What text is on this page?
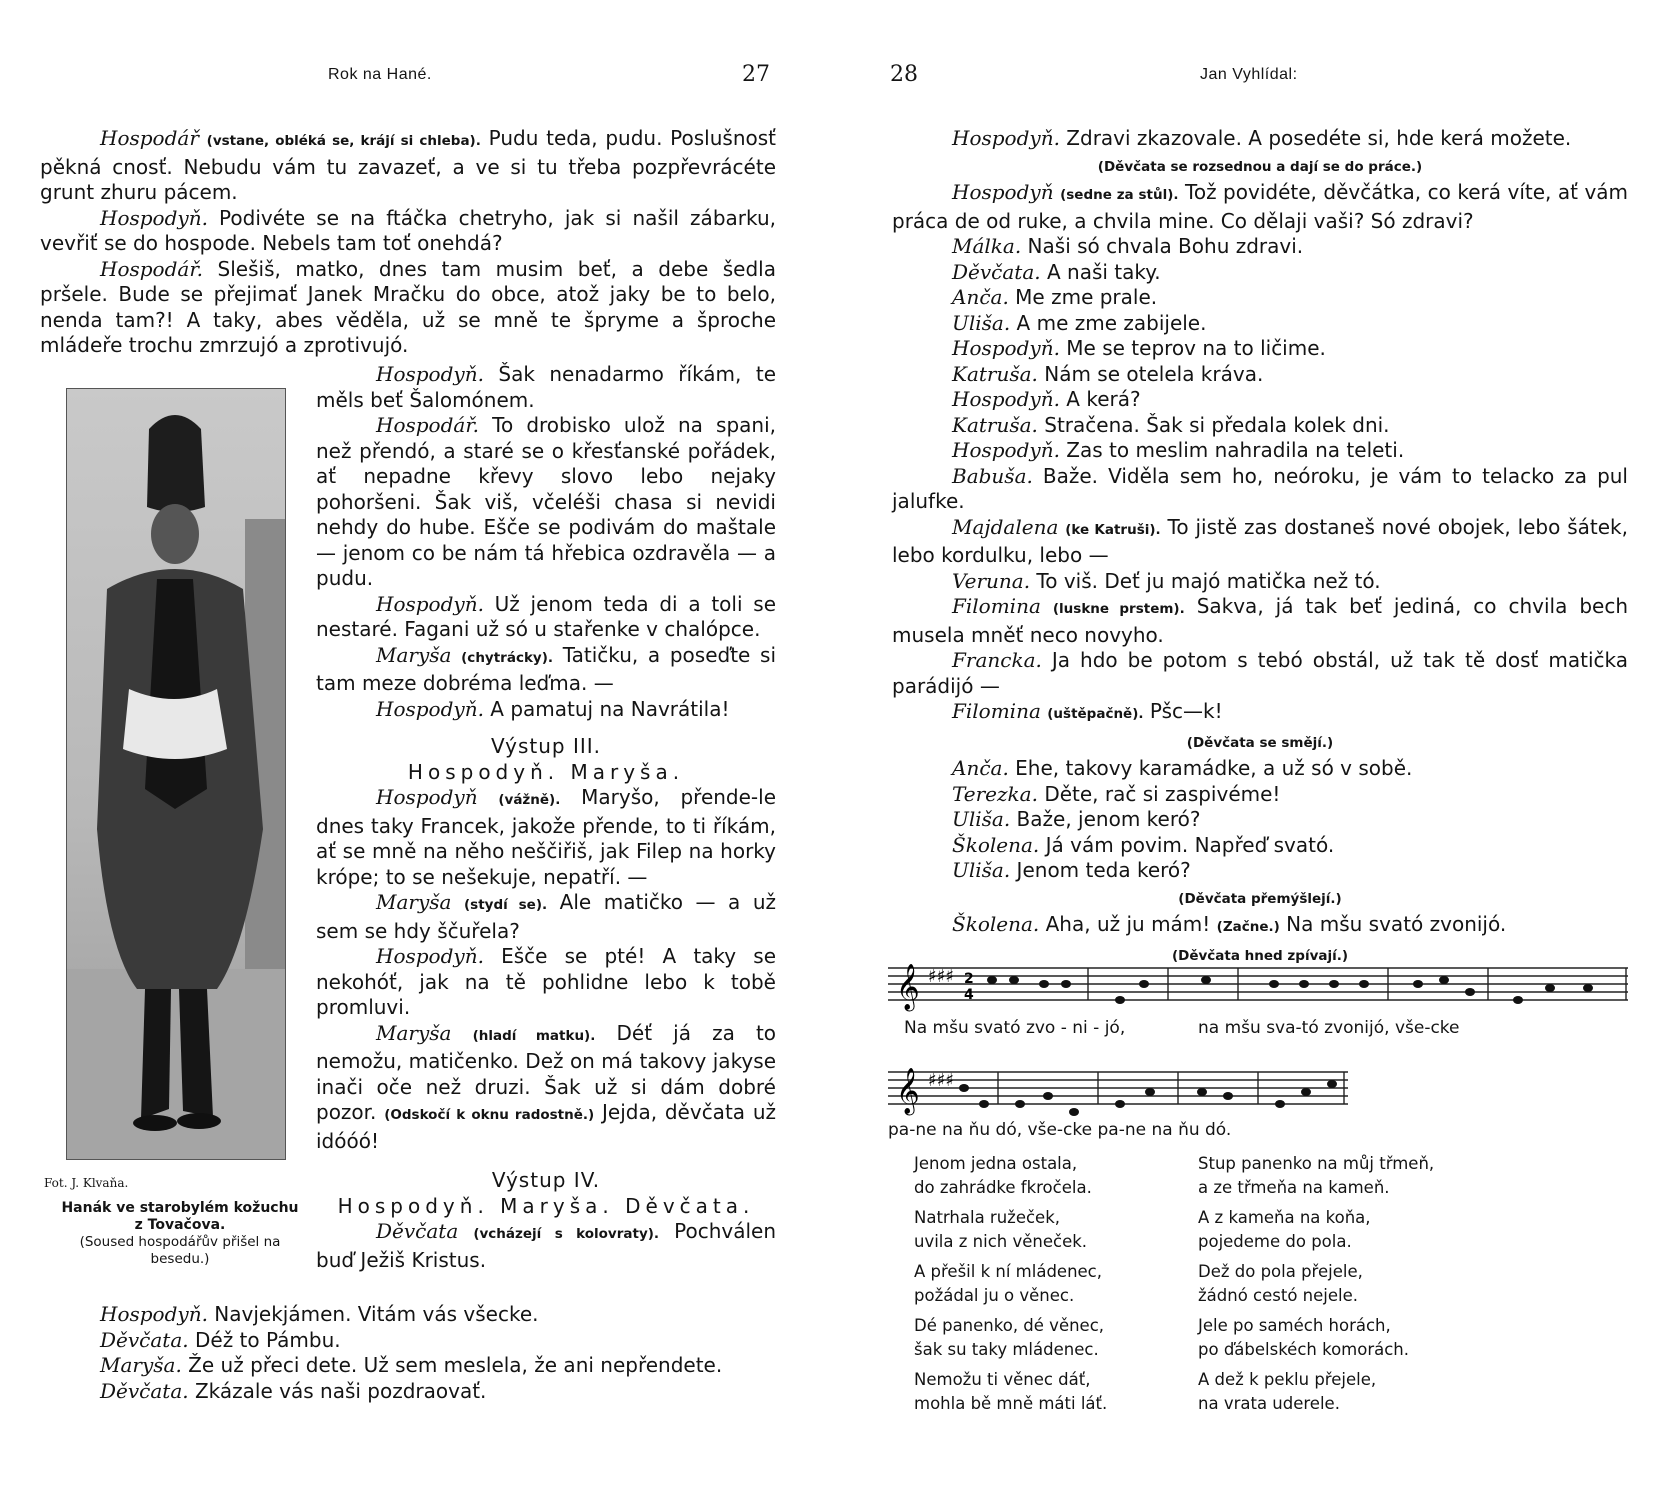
Rok na Hané.	27

Hospodář (vstane, obléká se, krájí si chleba). Pudu teda, pudu. Poslušnosť pěkná cnosť. Nebudu vám tu zavazeť, a ve si tu třeba pozpřevrácéte grunt zhuru pácem.

Hospodyň. Podivéte se na ftáčka chetryho, jak si našil zábarku, vevřiť se do hospode. Nebels tam toť onehdá?

Hospodář. Slešiš, matko, dnes tam musim beť, a debe šedla pršele. Bude se přejimať Janek Mračku do obce, atož jaky be to belo, nenda tam?! A taky, abes věděla, už se mně te špryme a šproche mládeře trochu zmrzujó a zprotivujó.

Fot. J. Klvaňa.
Hanák ve starobylém kožuchu z Tovačova.
(Soused hospodářův přišel na besedu.)

Hospodyň. Šak nenadarmo říkám, te měls beť Šalomónem.

Hospodář. To drobisko ulož na spani, než přendó, a staré se o křesťanské pořádek, ať nepadne křevy slovo lebo nejaky pohoršeni. Šak viš, včeléši chasa si nevidi nehdy do hube. Ešče se podivám do maštale — jenom co be nám tá hřebica ozdravěla — a pudu.

Hospodyň. Už jenom teda di a toli se nestaré. Fagani už só u stařenke v chalópce.

Maryša (chytrácky). Tatičku, a poseďte si tam meze dobréma leďma. —

Hospodyň. A pamatuj na Navrátila!

Výstup III.

Hospodyň. Maryša.

Hospodyň (vážně). Maryšo, přende-le dnes taky Francek, jakože přende, to ti říkám, ať se mně na něho neščiřiš, jak Filep na horky krópe; to se nešekuje, nepatří. —

Maryša (stydí se). Ale matičko — a už sem se hdy ščuřela?

Hospodyň. Ešče se pté! A taky se nekohóť, jak na tě pohlidne lebo k tobě promluvi.

Maryša (hladí matku). Déť já za to nemožu, matičenko. Dež on má takovy jakyse inači oče než druzi. Šak už si dám dobré pozor. (Odskočí k oknu radostně.) Jejda, děvčata už idóóó!

Výstup IV.

Hospodyň. Maryša. Děvčata.

Děvčata (vcházejí s kolovraty). Pochválen buď Ježiš Kristus.

Hospodyň. Navjekjámen. Vitám vás všecke.

Děvčata. Déž to Pámbu.

Maryša. Že už přeci dete. Už sem meslela, že ani nepřendete.

Děvčata. Zkázale vás naši pozdraovať.

28	Jan Vyhlídal:

Hospodyň. Zdravi zkazovale. A posedéte si, hde kerá možete.

(Děvčata se rozsednou a dají se do práce.)

Hospodyň (sedne za stůl). Tož povidéte, děvčátka, co kerá víte, ať vám práca de od ruke, a chvila mine. Co dělaji vaši? Só zdravi?

Málka. Naši só chvala Bohu zdravi.

Děvčata. A naši taky.

Anča. Me zme prale.

Uliša. A me zme zabijele.

Hospodyň. Me se teprov na to ličime.

Katruša. Nám se otelela kráva.

Hospodyň. A kerá?

Katruša. Stračena. Šak si předala kolek dni.

Hospodyň. Zas to meslim nahradila na teleti.

Babuša. Baže. Viděla sem ho, neóroku, je vám to telacko za pul jalufke.

Majdalena (ke Katruši). To jistě zas dostaneš nové obojek, lebo šátek, lebo kordulku, lebo —

Veruna. To viš. Deť ju majó matička než tó.

Filomina (luskne prstem). Sakva, já tak beť jediná, co chvila bech musela mněť neco novyho.

Francka. Ja hdo be potom s tebó obstál, už tak tě dosť matička parádijó —

Filomina (uštěpačně). Pšc—k!

(Děvčata se smějí.)

Anča. Ehe, takovy karamádke, a už só v sobě.

Terezka. Děte, rač si zaspivéme!

Uliša. Baže, jenom keró?

Školena. Já vám povim. Napřeď svató.

Uliša. Jenom teda keró?

(Děvčata přemýšlejí.)

Školena. Aha, už ju mám! (Začne.) Na mšu svató zvonijó.

(Děvčata hned zpívají.)

𝄞 ♯♯♯ 2
4
Na mšu svató zvo - ni - jó,	na mšu sva-tó zvonijó, vše-cke
𝄞 ♯♯♯
pa-ne na ňu dó, vše-cke pa-ne na ňu dó.

Jenom jedna ostala,
do zahrádke fkročela.

Natrhala ružeček,
uvila z nich věneček.

A přešil k ní mládenec,
požádal ju o věnec.

Dé panenko, dé věnec,
šak su taky mládenec.

Nemožu ti věnec dáť,
mohla bě mně máti láť.

Stup panenko na můj třmeň,
a ze třmeňa na kameň.

A z kameňa na koňa,
pojedeme do pola.

Dež do pola přejele,
žádnó cestó nejele.

Jele po saméch horách,
po ďábelskéch komorách.

A dež k peklu přejele,
na vrata uderele.
